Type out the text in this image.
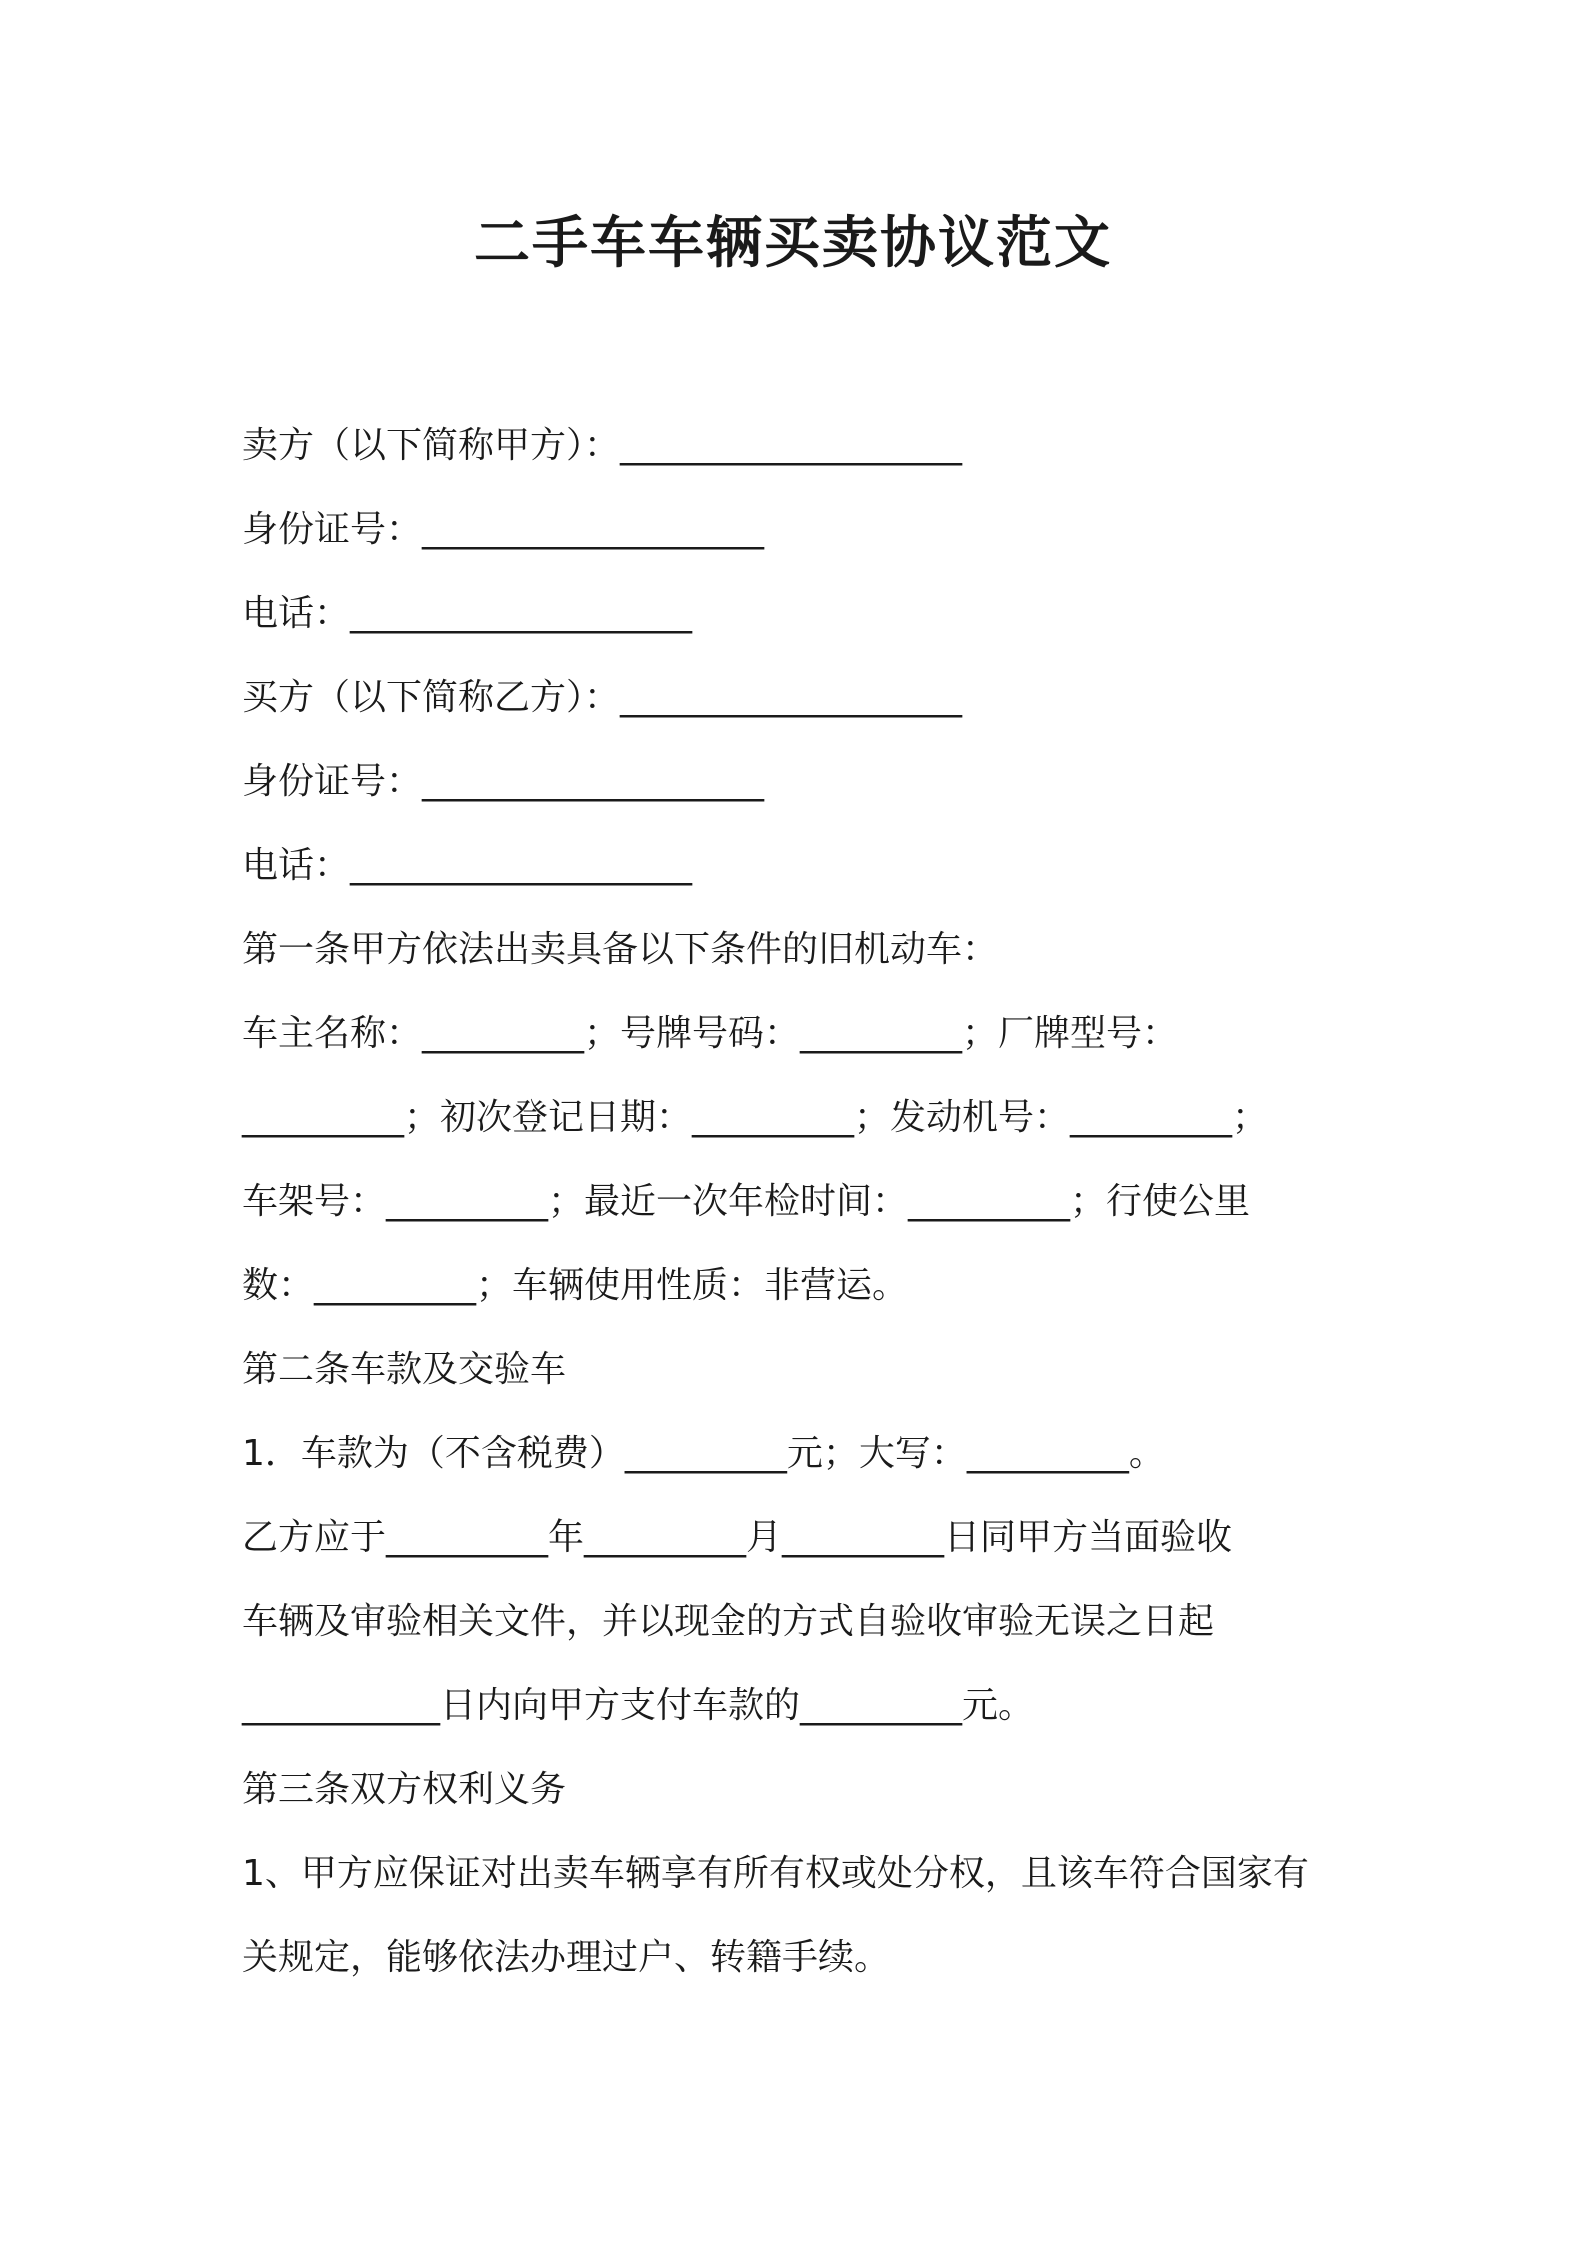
二手车车辆买卖协议范文

卖方（以下简称甲方）：___________________

身份证号：___________________

电话：___________________

买方（以下简称乙方）：___________________

身份证号：___________________

电话：___________________

第一条甲方依法出卖具备以下条件的旧机动车：

车主名称：_________；号牌号码：_________；厂牌型号：

_________；初次登记日期：_________；发动机号：_________；

车架号：_________；最近一次年检时间：_________；行使公里

数：_________；车辆使用性质：非营运。

第二条车款及交验车

1．车款为（不含税费）_________元；大写：_________。

乙方应于_________年_________月_________日同甲方当面验收

车辆及审验相关文件，并以现金的方式自验收审验无误之日起

___________日内向甲方支付车款的_________元。

第三条双方权利义务

1、甲方应保证对出卖车辆享有所有权或处分权，且该车符合国家有

关规定，能够依法办理过户、转籍手续。
